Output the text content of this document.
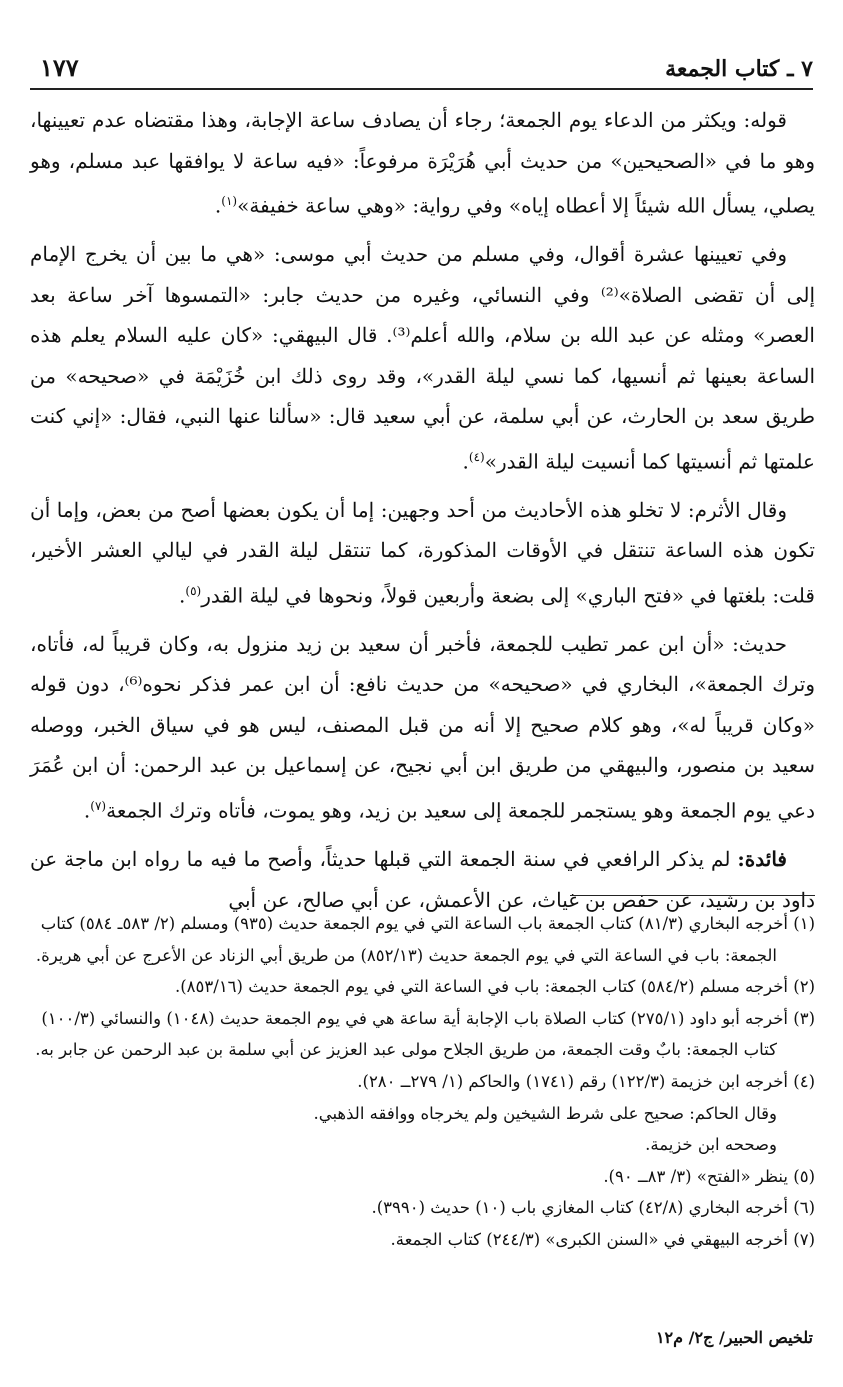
٧ ـ كتاب الجمعة
١٧٧

قوله: ويكثر من الدعاء يوم الجمعة؛ رجاء أن يصادف ساعة الإجابة، وهذا مقتضاه عدم تعيينها، وهو ما في «الصحيحين» من حديث أبي هُرَيْرَة مرفوعاً: «فيه ساعة لا يوافقها عبد مسلم، وهو يصلي، يسأل الله شيئاً إلا أعطاه إياه» وفي رواية: «وهي ساعة خفيفة»$^{(١)}$.

وفي تعيينها عشرة أقوال، وفي مسلم من حديث أبي موسى: «هي ما بين أن يخرج الإمام إلى أن تقضى الصلاة»⁽²⁾ وفي النسائي، وغيره من حديث جابر: «التمسوها آخر ساعة بعد العصر» ومثله عن عبد الله بن سلام، والله أعلم⁽³⁾. قال البيهقي: «كان عليه السلام يعلم هذه الساعة بعينها ثم أنسيها، كما نسي ليلة القدر»، وقد روى ذلك ابن خُزَيْمَة في «صحيحه» من طريق سعد بن الحارث، عن أبي سلمة، عن أبي سعيد قال: «سألنا عنها النبي، فقال: «إني كنت علمتها ثم أنسيتها كما أنسيت ليلة القدر»$^{(٤)}$.

وقال الأثرم: لا تخلو هذه الأحاديث من أحد وجهين: إما أن يكون بعضها أصح من بعض، وإما أن تكون هذه الساعة تنتقل في الأوقات المذكورة، كما تنتقل ليلة القدر في ليالي العشر الأخير، قلت: بلغتها في «فتح الباري» إلى بضعة وأربعين قولاً، ونحوها في ليلة القدر$^{(٥)}$.

حديث: «أن ابن عمر تطيب للجمعة، فأخبر أن سعيد بن زيد منزول به، وكان قريباً له، فأتاه، وترك الجمعة»، البخاري في «صحيحه» من حديث نافع: أن ابن عمر فذكر نحوه⁽⁶⁾، دون قوله «وكان قريباً له»، وهو كلام صحيح إلا أنه من قبل المصنف، ليس هو في سياق الخبر، ووصله سعيد بن منصور، والبيهقي من طريق ابن أبي نجيح، عن إسماعيل بن عبد الرحمن: أن ابن عُمَرَ دعي يوم الجمعة وهو يستجمر للجمعة إلى سعيد بن زيد، وهو يموت، فأتاه وترك الجمعة$^{(٧)}$.

فائدة: لم يذكر الرافعي في سنة الجمعة التي قبلها حديثاً، وأصح ما فيه ما رواه ابن ماجة عن داود بن رشيد، عن حفص بن غياث، عن الأعمش، عن أبي صالح، عن أبي

(١) أخرجه البخاري (٨١/٣) كتاب الجمعة باب الساعة التي في يوم الجمعة حديث (٩٣٥) ومسلم (٢/ ٥٨٣ـ ٥٨٤) كتاب الجمعة: باب في الساعة التي في يوم الجمعة حديث (٨٥٢/١٣) من طريق أبي الزناد عن الأعرج عن أبي هريرة.

(٢) أخرجه مسلم (٥٨٤/٢) كتاب الجمعة: باب في الساعة التي في يوم الجمعة حديث (٨٥٣/١٦).

(٣) أخرجه أبو داود (٢٧٥/١) كتاب الصلاة باب الإجابة أية ساعة هي في يوم الجمعة حديث (١٠٤٨) والنسائي (١٠٠/٣) كتاب الجمعة: بابٌ وقت الجمعة، من طريق الجلاح مولى عبد العزيز عن أبي سلمة بن عبد الرحمن عن جابر به.

(٤) أخرجه ابن خزيمة (١٢٢/٣) رقم (١٧٤١) والحاكم (١/ ٢٧٩ــ ٢٨٠).
وقال الحاكم: صحيح على شرط الشيخين ولم يخرجاه ووافقه الذهبي.
وصححه ابن خزيمة.

(٥) ينظر «الفتح» (٣/ ٨٣ــ ٩٠).

(٦) أخرجه البخاري (٤٢/٨) كتاب المغازي باب (١٠) حديث (٣٩٩٠).

(٧) أخرجه البيهقي في «السنن الكبرى» (٢٤٤/٣) كتاب الجمعة.

تلخيص الحبير/ ج٢/ م١٢
